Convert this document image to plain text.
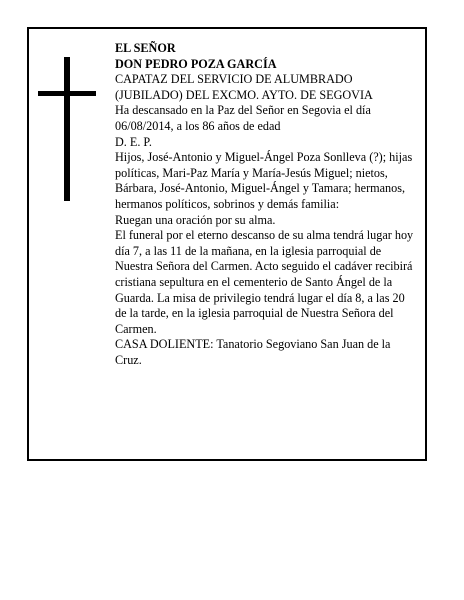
EL SEÑOR

DON PEDRO POZA GARCÍA

CAPATAZ DEL SERVICIO DE ALUMBRADO (JUBILADO) DEL EXCMO. AYTO. DE SEGOVIA

Ha descansado en la Paz del Señor en Segovia el día 06/08/2014, a los 86 años de edad

D. E. P.

Hijos, José-Antonio y Miguel-Ángel Poza Sonlleva (?); hijas políticas, Mari-Paz María y María-Jesús Miguel; nietos, Bárbara, José-Antonio, Miguel-Ángel y Tamara; hermanos, hermanos políticos, sobrinos y demás familia:

Ruegan una oración por su alma.

El funeral por el eterno descanso de su alma tendrá lugar hoy día 7, a las 11 de la mañana, en la iglesia parroquial de Nuestra Señora del Carmen. Acto seguido el cadáver recibirá cristiana sepultura en el cementerio de Santo Ángel de la Guarda. La misa de privilegio tendrá lugar el día 8, a las 20 de la tarde, en la iglesia parroquial de Nuestra Señora del Carmen.

CASA DOLIENTE: Tanatorio Segoviano San Juan de la Cruz.
